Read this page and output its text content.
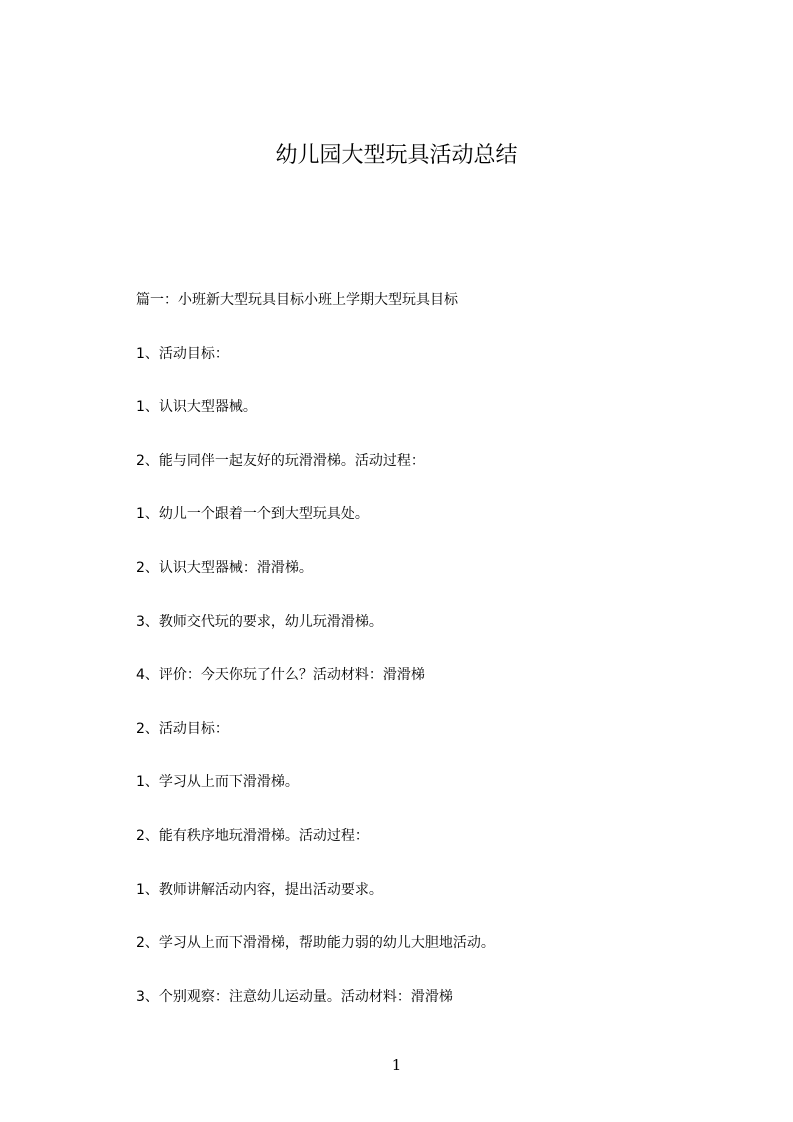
幼儿园大型玩具活动总结
篇一：小班新大型玩具目标小班上学期大型玩具目标
1、活动目标：
1、认识大型器械。
2、能与同伴一起友好的玩滑滑梯。活动过程：
1、幼儿一个跟着一个到大型玩具处。
2、认识大型器械：滑滑梯。
3、教师交代玩的要求，幼儿玩滑滑梯。
4、评价：今天你玩了什么？活动材料：滑滑梯
2、活动目标：
1、学习从上而下滑滑梯。
2、能有秩序地玩滑滑梯。活动过程：
1、教师讲解活动内容，提出活动要求。
2、学习从上而下滑滑梯，帮助能力弱的幼儿大胆地活动。
3、个别观察：注意幼儿运动量。活动材料：滑滑梯
1
